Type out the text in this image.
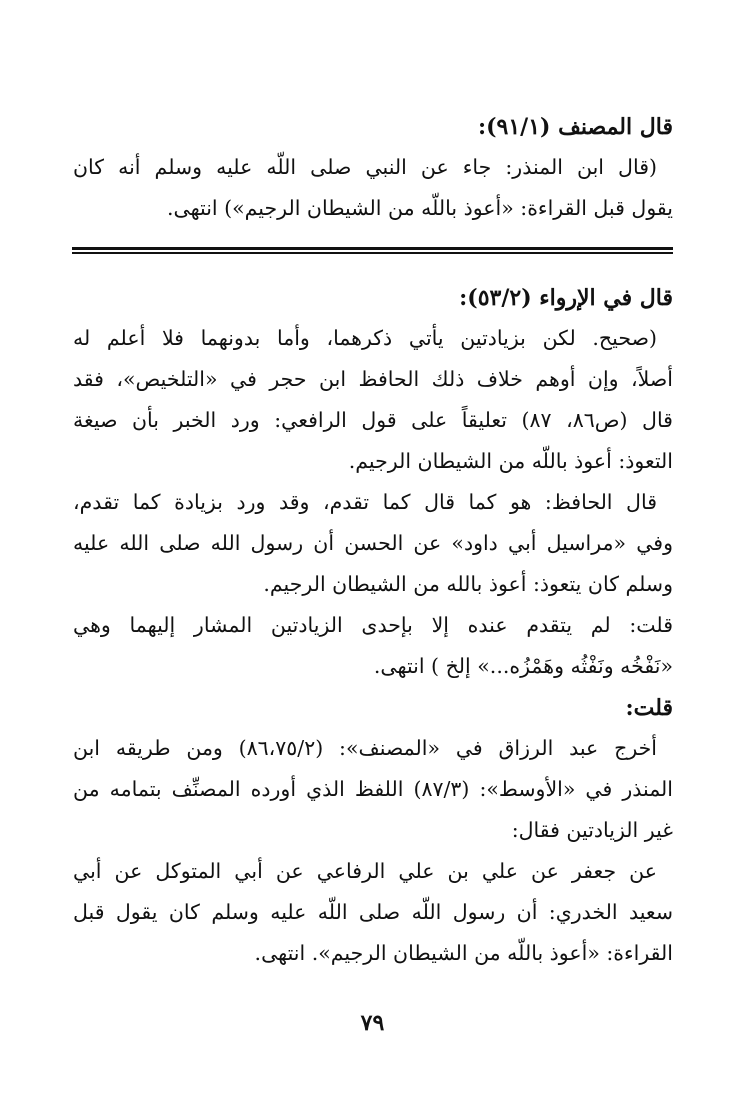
قال المصنف (٩١/١):
(قال ابن المنذر: جاء عن النبي صلى اللّه عليه وسلم أنه كان
يقول قبل القراءة: «أعوذ باللّه من الشيطان الرجيم») انتهى.
قال في الإرواء (٥٣/٢):
(صحيح. لكن بزيادتين يأتي ذكرهما، وأما بدونهما فلا أعلم له
أصلاً، وإن أوهم خلاف ذلك الحافظ ابن حجر في «التلخيص»، فقد
قال (ص٨٦، ٨٧) تعليقاً على قول الرافعي: ورد الخبر بأن صيغة
التعوذ: أعوذ باللّه من الشيطان الرجيم.
قال الحافظ: هو كما قال كما تقدم، وقد ورد بزيادة كما تقدم،
وفي «مراسيل أبي داود» عن الحسن أن رسول الله صلى الله عليه
وسلم كان يتعوذ: أعوذ بالله من الشيطان الرجيم.
قلت: لم يتقدم عنده إلا بإحدى الزيادتين المشار إليهما وهي
«نَفْخُه ونَفْثُه وهَمْزُه...» إلخ ) انتهى.
قلت:
أخرج عبد الرزاق في «المصنف»: (٨٦،٧٥/٢) ومن طريقه ابن
المنذر في «الأوسط»: (٨٧/٣) اللفظ الذي أورده المصنِّف بتمامه من
غير الزيادتين فقال:
عن جعفر عن علي بن علي الرفاعي عن أبي المتوكل عن أبي
سعيد الخدري: أن رسول اللّه صلى اللّه عليه وسلم كان يقول قبل
القراءة: «أعوذ باللّه من الشيطان الرجيم». انتهى.
٧٩
